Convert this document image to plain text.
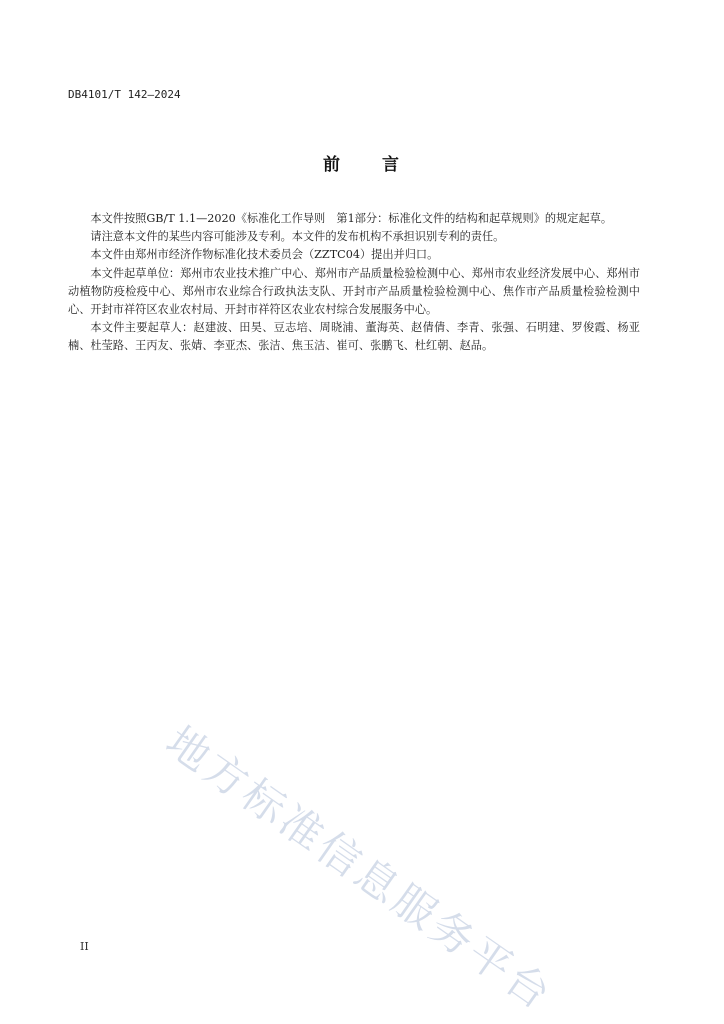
DB4101/T 142—2024
前 言

本文件按照GB/T 1.1—2020《标准化工作导则　第1部分：标准化文件的结构和起草规则》的规定起草。

请注意本文件的某些内容可能涉及专利。本文件的发布机构不承担识别专利的责任。

本文件由郑州市经济作物标准化技术委员会（ZZTC04）提出并归口。

本文件起草单位：郑州市农业技术推广中心、郑州市产品质量检验检测中心、郑州市农业经济发展中心、郑州市动植物防疫检疫中心、郑州市农业综合行政执法支队、开封市产品质量检验检测中心、焦作市产品质量检验检测中心、开封市祥符区农业农村局、开封市祥符区农业农村综合发展服务中心。

本文件主要起草人：赵建波、田昊、豆志培、周晓浦、董海英、赵倩倩、李青、张强、石明建、罗俊霞、杨亚楠、杜莹路、王丙友、张婧、李亚杰、张洁、焦玉洁、崔可、张鹏飞、杜红朝、赵品。

地方标准信息服务平台
II
